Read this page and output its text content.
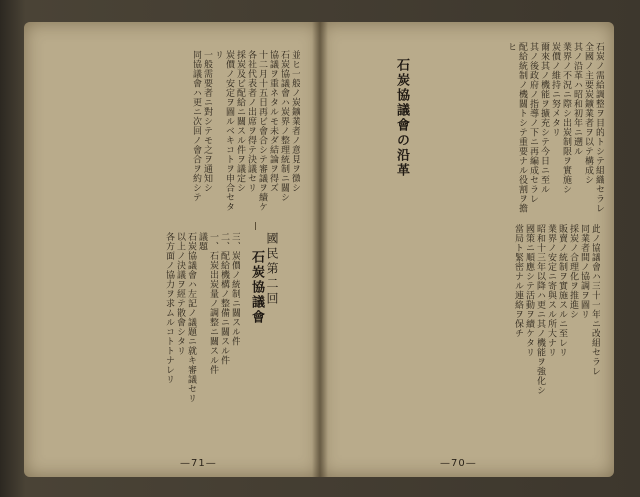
並ヒ一般ノ炭鑛業者ノ意見ヲ徴シ
石炭協議會ハ炭界ノ整理統制ニ關シ
協議ヲ重ネタルモ未ダ結論ヲ得ズ
十二月十五日再ビ會合シテ審議ヲ續ケ
各社代表者ノ出席ヲ得テ決議セリ
採炭及ビ配給ニ關スル件ヲ議定シ
炭價ノ安定ヲ圖ルベキコトヲ申合セタリ
一般需要者ニ對シテモ之ヲ通知シ
同協議會ハ更ニ次回ノ會合ヲ約シテ
國民第二回
石炭協議會
三、炭價ノ統制ニ關スル件
二、配給機構ノ整備ニ關スル件
一、石炭出炭量ノ調整ニ關スル件
議題
石炭協議會ハ左記ノ議題ニ就キ審議セリ
以上ノ決議ヲ經テ散會シタリ
各方面ノ協力ヲ求ムルコトトナレリ
—71—
石炭協議會の沿革	石炭ノ需給調整ヲ目的トシテ組織セラレ
全國ノ主要炭鑛業者ヲ以テ構成シ
其ノ沿革ハ昭和初年ニ遡ル
業界ノ不況ニ際シ出炭制限ヲ實施シ
炭價ノ維持ニ努メタリ
爾來其ノ機能ヲ擴充シテ今日ニ至ル
其ノ後政府ノ指導ノ下ニ再編成セラレ
配給統制ノ機關トシテ重要ナル役割ヲ擔ヒ
此ノ協議會ハ三十一年ニ改組セラレ
同業者間ノ協調ヲ圖リ
採炭ノ合理化ヲ推進シ
販賣ノ統制ヲ實施スルニ至レリ
業界ノ安定ニ寄與スル所大ナリ
昭和十三年以降ハ更ニ其ノ機能ヲ強化シ
國策ニ順應シテ活動ヲ續ケタリ
當局ト緊密ナル連絡ヲ保チ
—70—
